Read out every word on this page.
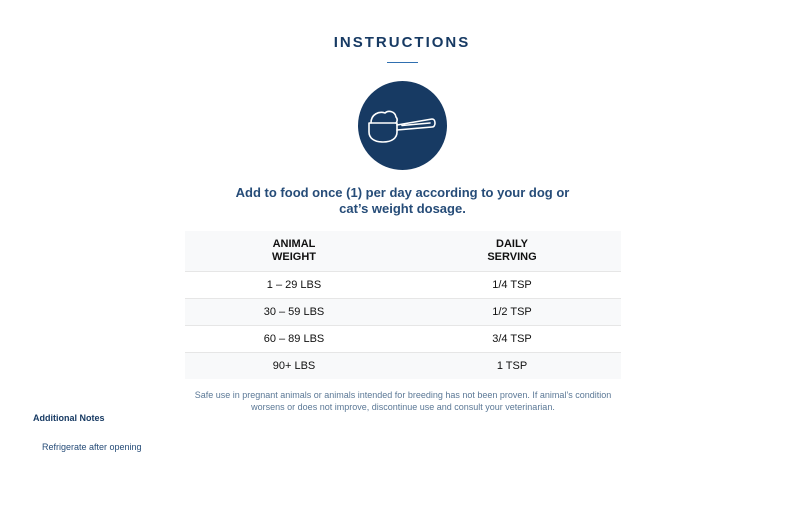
INSTRUCTIONS
Add to food once (1) per day according to your dog or cat’s weight dosage.
ANIMAL WEIGHT	DAILY SERVING
1 – 29 LBS	1/4 TSP
30 – 59 LBS	1/2 TSP
60 – 89 LBS	3/4 TSP
90+ LBS	1 TSP
Safe use in pregnant animals or animals intended for breeding has not been proven. If animal’s condition worsens or does not improve, discontinue use and consult your veterinarian.
Additional Notes
Refrigerate after opening
